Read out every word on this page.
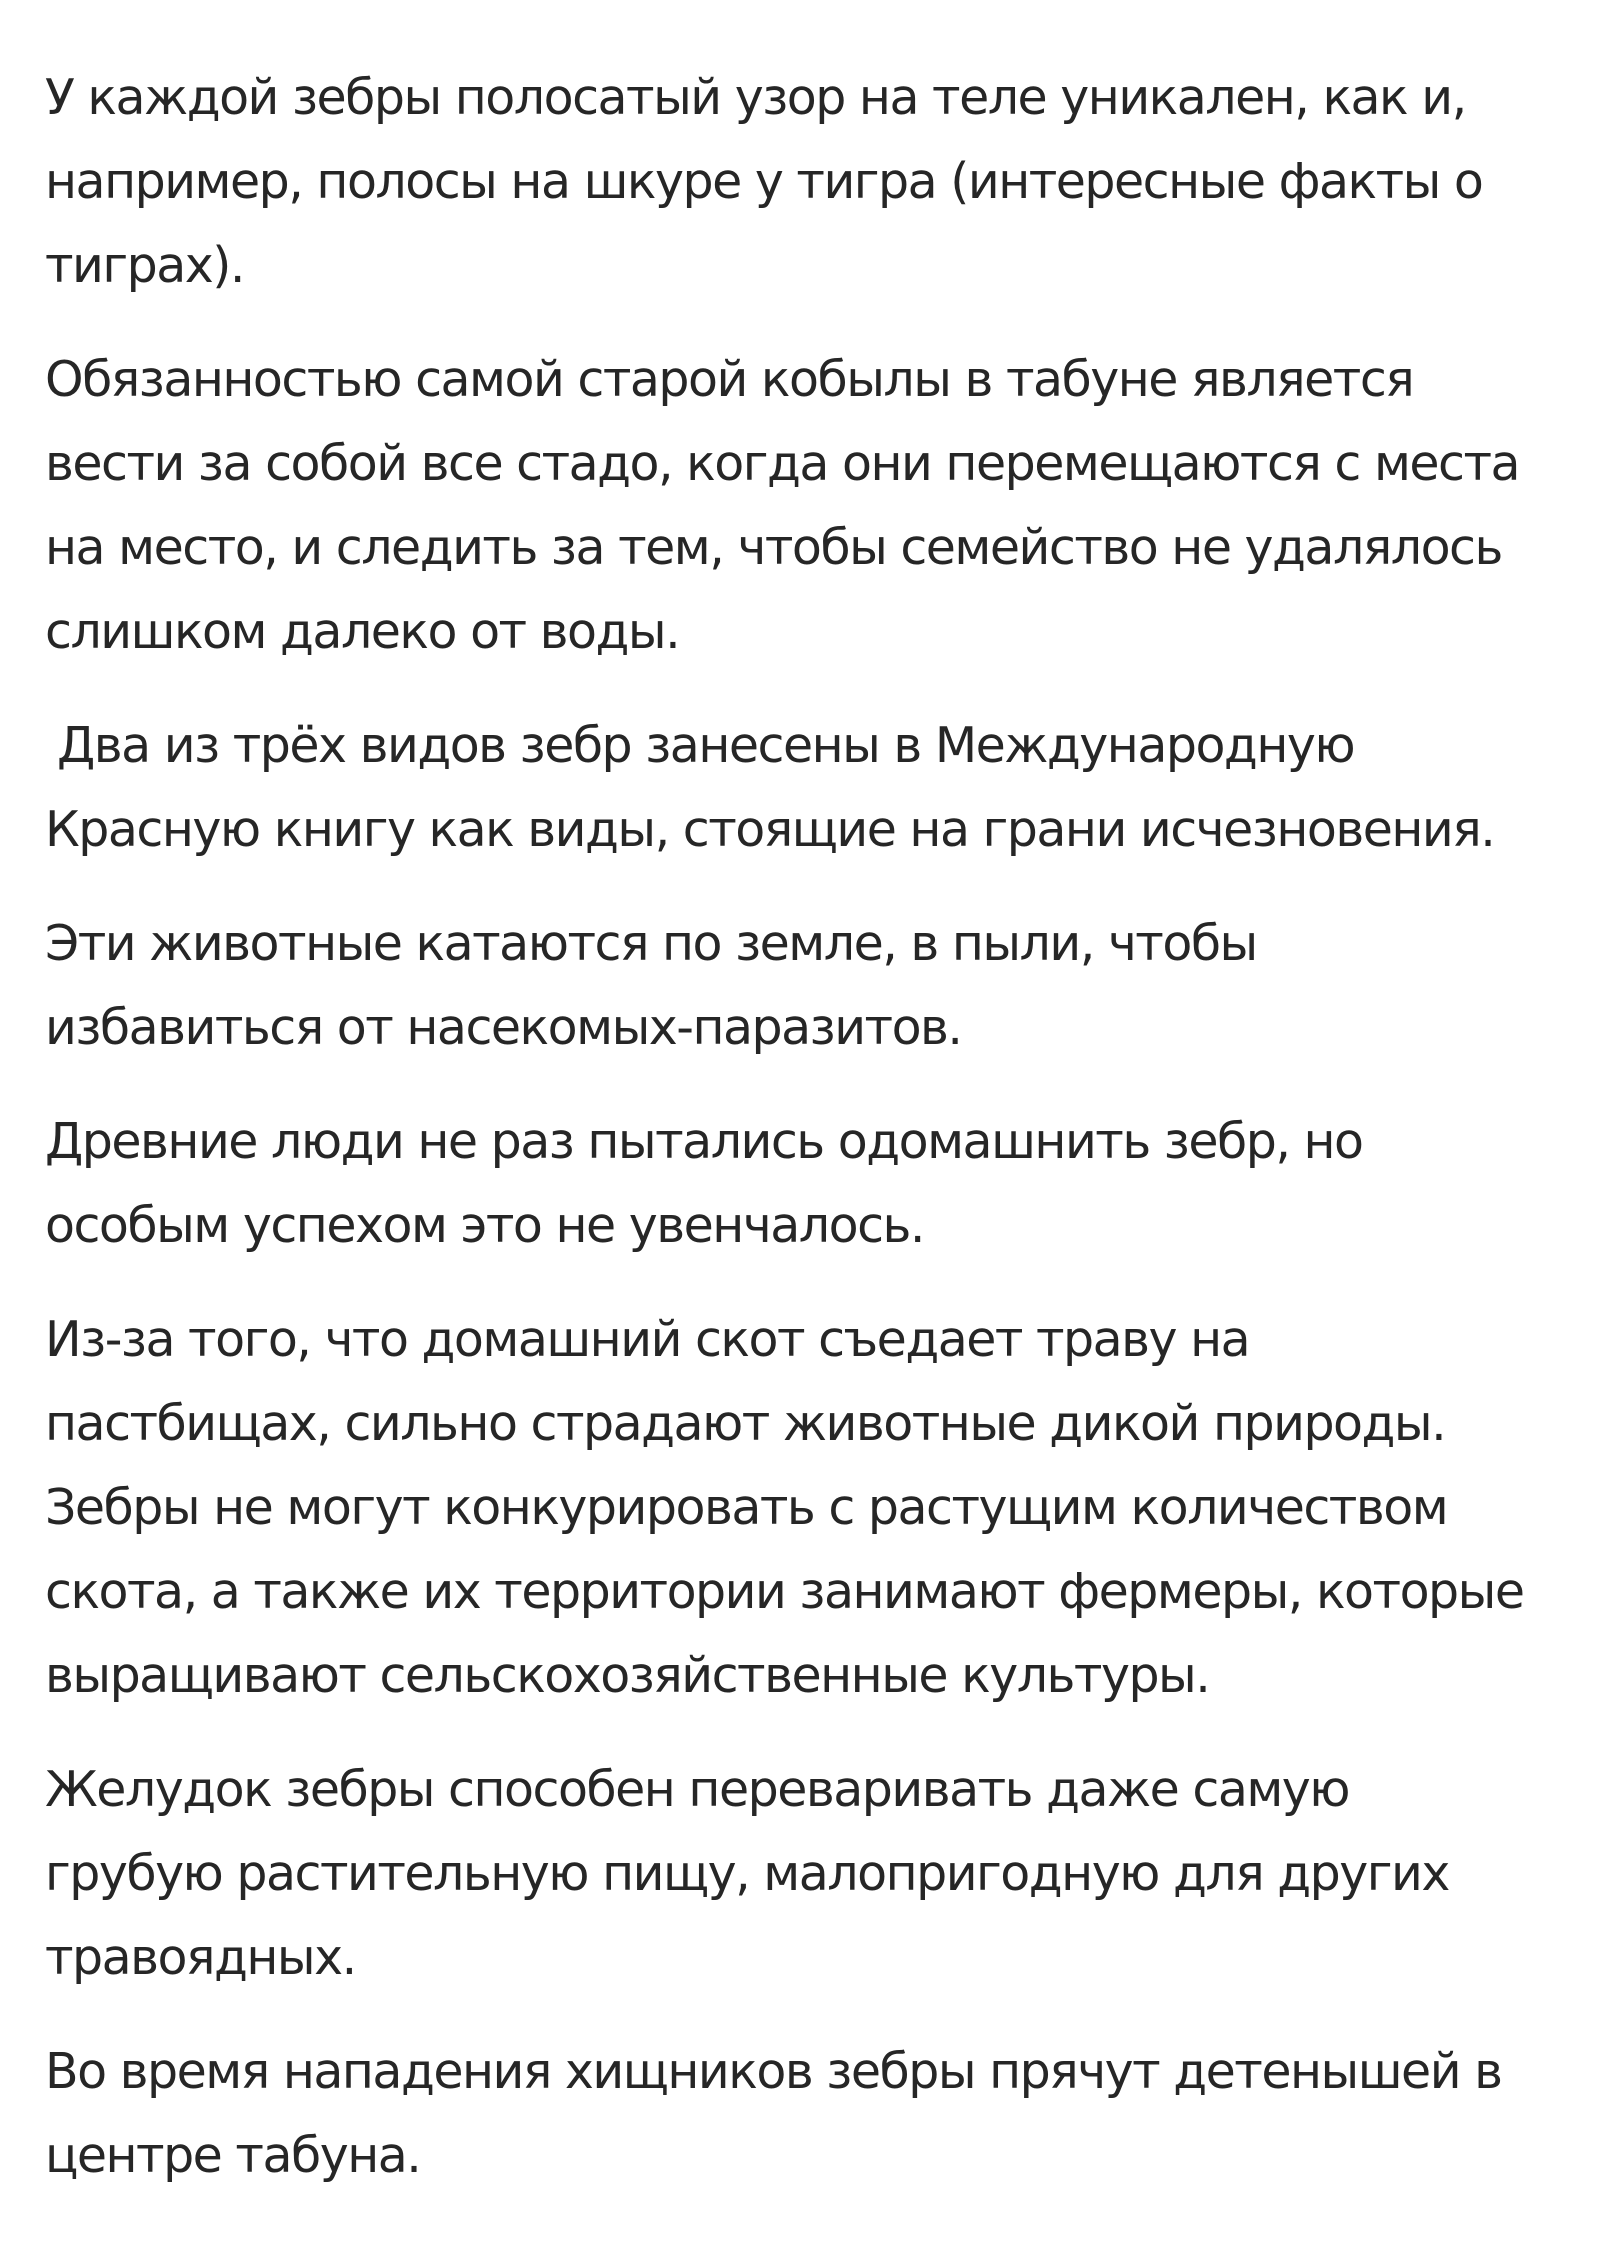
У каждой зебры полосатый узор на теле уникален, как и,
например, полосы на шкуре у тигра (интересные факты о
тиграх).

Обязанностью самой старой кобылы в табуне является
вести за собой все стадо, когда они перемещаются с места
на место, и следить за тем, чтобы семейство не удалялось
слишком далеко от воды.

Два из трёх видов зебр занесены в Международную
Красную книгу как виды, стоящие на грани исчезновения.

Эти животные катаются по земле, в пыли, чтобы
избавиться от насекомых-паразитов.

Древние люди не раз пытались одомашнить зебр, но
особым успехом это не увенчалось.

Из-за того, что домашний скот съедает траву на
пастбищах, сильно страдают животные дикой природы.
Зебры не могут конкурировать с растущим количеством
скота, а также их территории занимают фермеры, которые
выращивают сельскохозяйственные культуры.

Желудок зебры способен переваривать даже самую
грубую растительную пищу, малопригодную для других
травоядных.

Во время нападения хищников зебры прячут детенышей в
центре табуна.
